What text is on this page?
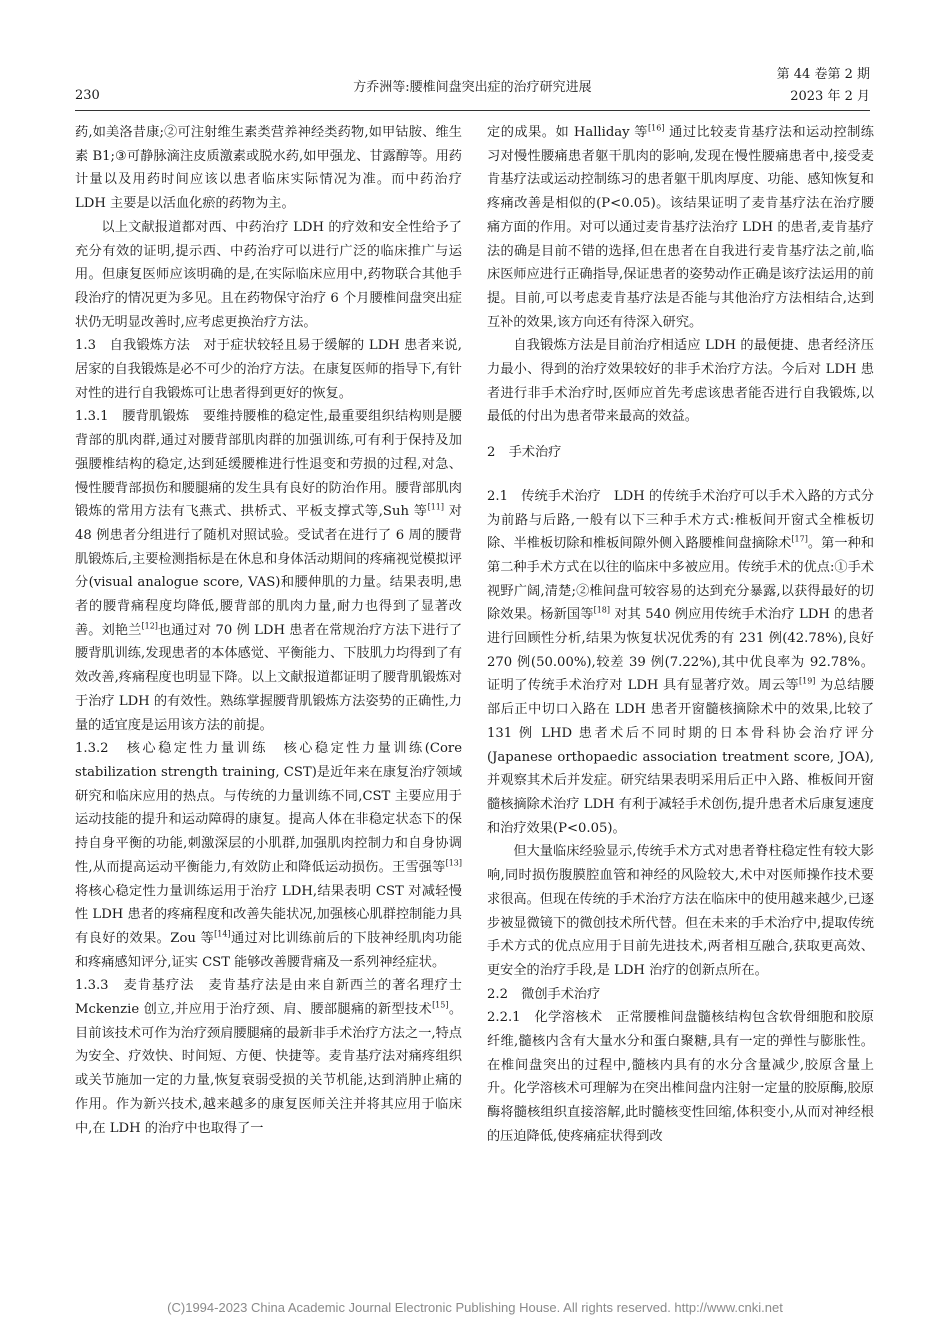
230
方乔洲等:腰椎间盘突出症的治疗研究进展
第 44 卷第 2 期
2023 年 2 月

药,如美洛昔康;②可注射维生素类营养神经类药物,如甲钴胺、维生素 B1;③可静脉滴注皮质激素或脱水药,如甲强龙、甘露醇等。用药计量以及用药时间应该以患者临床实际情况为准。而中药治疗 LDH 主要是以活血化瘀的药物为主。

以上文献报道都对西、中药治疗 LDH 的疗效和安全性给予了充分有效的证明,提示西、中药治疗可以进行广泛的临床推广与运用。但康复医师应该明确的是,在实际临床应用中,药物联合其他手段治疗的情况更为多见。且在药物保守治疗 6 个月腰椎间盘突出症状仍无明显改善时,应考虑更换治疗方法。

1.3　自我锻炼方法　对于症状较轻且易于缓解的 LDH 患者来说,居家的自我锻炼是必不可少的治疗方法。在康复医师的指导下,有针对性的进行自我锻炼可让患者得到更好的恢复。

1.3.1　腰背肌锻炼　要维持腰椎的稳定性,最重要组织结构则是腰背部的肌肉群,通过对腰背部肌肉群的加强训练,可有利于保持及加强腰椎结构的稳定,达到延缓腰椎进行性退变和劳损的过程,对急、慢性腰背部损伤和腰腿痛的发生具有良好的防治作用。腰背部肌肉锻炼的常用方法有飞燕式、拱桥式、平板支撑式等,Suh 等[11] 对 48 例患者分组进行了随机对照试验。受试者在进行了 6 周的腰背肌锻炼后,主要检测指标是在休息和身体活动期间的疼痛视觉模拟评分(visual analogue score, VAS)和腰伸肌的力量。结果表明,患者的腰背痛程度均降低,腰背部的肌肉力量,耐力也得到了显著改善。刘艳兰[12]也通过对 70 例 LDH 患者在常规治疗方法下进行了腰背肌训练,发现患者的本体感觉、平衡能力、下肢肌力均得到了有效改善,疼痛程度也明显下降。以上文献报道都证明了腰背肌锻炼对于治疗 LDH 的有效性。熟练掌握腰背肌锻炼方法姿势的正确性,力量的适宜度是运用该方法的前提。

1.3.2　核心稳定性力量训练　核心稳定性力量训练(Core stabilization strength training, CST)是近年来在康复治疗领域研究和临床应用的热点。与传统的力量训练不同,CST 主要应用于运动技能的提升和运动障碍的康复。提高人体在非稳定状态下的保持自身平衡的功能,刺激深层的小肌群,加强肌肉控制力和自身协调性,从而提高运动平衡能力,有效防止和降低运动损伤。王雪强等[13] 将核心稳定性力量训练运用于治疗 LDH,结果表明 CST 对减轻慢性 LDH 患者的疼痛程度和改善失能状况,加强核心肌群控制能力具有良好的效果。Zou 等[14]通过对比训练前后的下肢神经肌肉功能和疼痛感知评分,证实 CST 能够改善腰背痛及一系列神经症状。

1.3.3　麦肯基疗法　麦肯基疗法是由来自新西兰的著名理疗士 Mckenzie 创立,并应用于治疗颈、肩、腰部腿痛的新型技术[15]。目前该技术可作为治疗颈肩腰腿痛的最新非手术治疗方法之一,特点为安全、疗效快、时间短、方便、快捷等。麦肯基疗法对痛疼组织或关节施加一定的力量,恢复衰弱受损的关节机能,达到消肿止痛的作用。作为新兴技术,越来越多的康复医师关注并将其应用于临床中,在 LDH 的治疗中也取得了一

定的成果。如 Halliday 等[16] 通过比较麦肯基疗法和运动控制练习对慢性腰痛患者躯干肌肉的影响,发现在慢性腰痛患者中,接受麦肯基疗法或运动控制练习的患者躯干肌肉厚度、功能、感知恢复和疼痛改善是相似的(P<0.05)。该结果证明了麦肯基疗法在治疗腰痛方面的作用。对可以通过麦肯基疗法治疗 LDH 的患者,麦肯基疗法的确是目前不错的选择,但在患者在自我进行麦肯基疗法之前,临床医师应进行正确指导,保证患者的姿势动作正确是该疗法运用的前提。目前,可以考虑麦肯基疗法是否能与其他治疗方法相结合,达到互补的效果,该方向还有待深入研究。

自我锻炼方法是目前治疗相适应 LDH 的最便捷、患者经济压力最小、得到的治疗效果较好的非手术治疗方法。今后对 LDH 患者进行非手术治疗时,医师应首先考虑该患者能否进行自我锻炼,以最低的付出为患者带来最高的效益。

2　手术治疗

2.1　传统手术治疗　LDH 的传统手术治疗可以手术入路的方式分为前路与后路,一般有以下三种手术方式:椎板间开窗式全椎板切除、半椎板切除和椎板间隙外侧入路腰椎间盘摘除术[17]。第一种和第二种手术方式在以往的临床中多被应用。传统手术的优点:①手术视野广阔,清楚;②椎间盘可较容易的达到充分暴露,以获得最好的切除效果。杨新国等[18] 对其 540 例应用传统手术治疗 LDH 的患者进行回顾性分析,结果为恢复状况优秀的有 231 例(42.78%),良好 270 例(50.00%),较差 39 例(7.22%),其中优良率为 92.78%。证明了传统手术治疗对 LDH 具有显著疗效。周云等[19] 为总结腰部后正中切口入路在 LDH 患者开窗髓核摘除术中的效果,比较了 131 例 LHD 患者术后不同时期的日本骨科协会治疗评分(Japanese orthopaedic association treatment score, JOA),并观察其术后并发症。研究结果表明采用后正中入路、椎板间开窗髓核摘除术治疗 LDH 有利于减轻手术创伤,提升患者术后康复速度和治疗效果(P<0.05)。

但大量临床经验显示,传统手术方式对患者脊柱稳定性有较大影响,同时损伤腹膜腔血管和神经的风险较大,术中对医师操作技术要求很高。但现在传统的手术治疗方法在临床中的使用越来越少,已逐步被显微镜下的微创技术所代替。但在未来的手术治疗中,提取传统手术方式的优点应用于目前先进技术,两者相互融合,获取更高效、更安全的治疗手段,是 LDH 治疗的创新点所在。

2.2　微创手术治疗

2.2.1　化学溶核术　正常腰椎间盘髓核结构包含软骨细胞和胶原纤维,髓核内含有大量水分和蛋白聚糖,具有一定的弹性与膨胀性。在椎间盘突出的过程中,髓核内具有的水分含量减少,胶原含量上升。化学溶核术可理解为在突出椎间盘内注射一定量的胶原酶,胶原酶将髓核组织直接溶解,此时髓核变性回缩,体积变小,从而对神经根的压迫降低,使疼痛症状得到改

(C)1994-2023 China Academic Journal Electronic Publishing House. All rights reserved. http://www.cnki.net
